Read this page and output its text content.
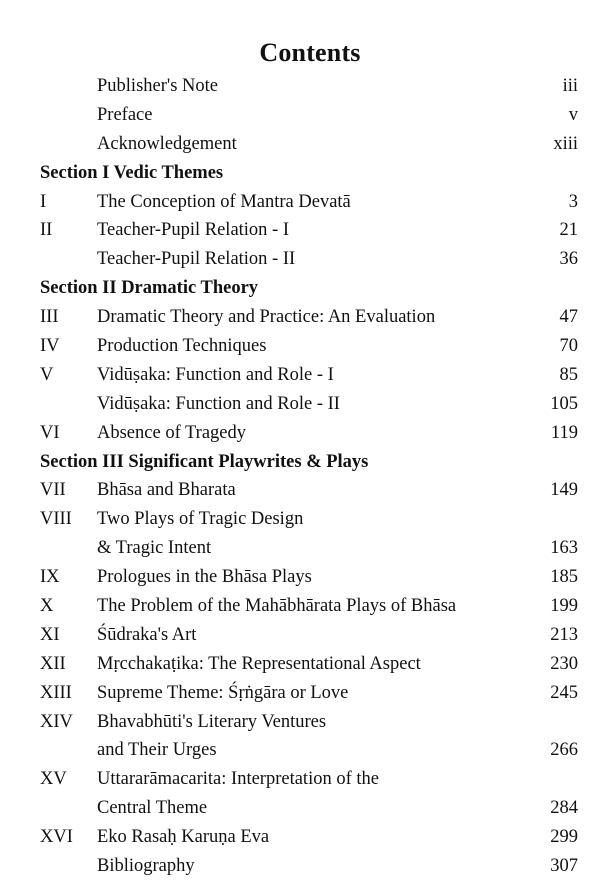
Contents
Publisher's Note	iii
Preface	v
Acknowledgement	xiii
Section I Vedic Themes
I	The Conception of Mantra Devatā	3
II Teacher-Pupil Relation - I	21
Teacher-Pupil Relation - II	36
Section II Dramatic Theory
III Dramatic Theory and Practice: An Evaluation	47
IV Production Techniques	70
V Vidūṣaka: Function and Role - I	85
Vidūṣaka: Function and Role - II	105
VI Absence of Tragedy	119
Section III Significant Playwrites & Plays
VII Bhāsa and Bharata	149
VIII Two Plays of Tragic Design
& Tragic Intent	163
IX Prologues in the Bhāsa Plays	185
X The Problem of the Mahābhārata Plays of Bhāsa	199
XI Śūdraka's Art	213
XII Mṛcchakaṭika: The Representational Aspect	230
XIII Supreme Theme: Śṛṅgāra or Love	245
XIV Bhavabhūti's Literary Ventures
and Their Urges	266
XV Uttararāmacarita: Interpretation of the
Central Theme	284
XVI Eko Rasaḥ Karuṇa Eva	299
Bibliography	307
